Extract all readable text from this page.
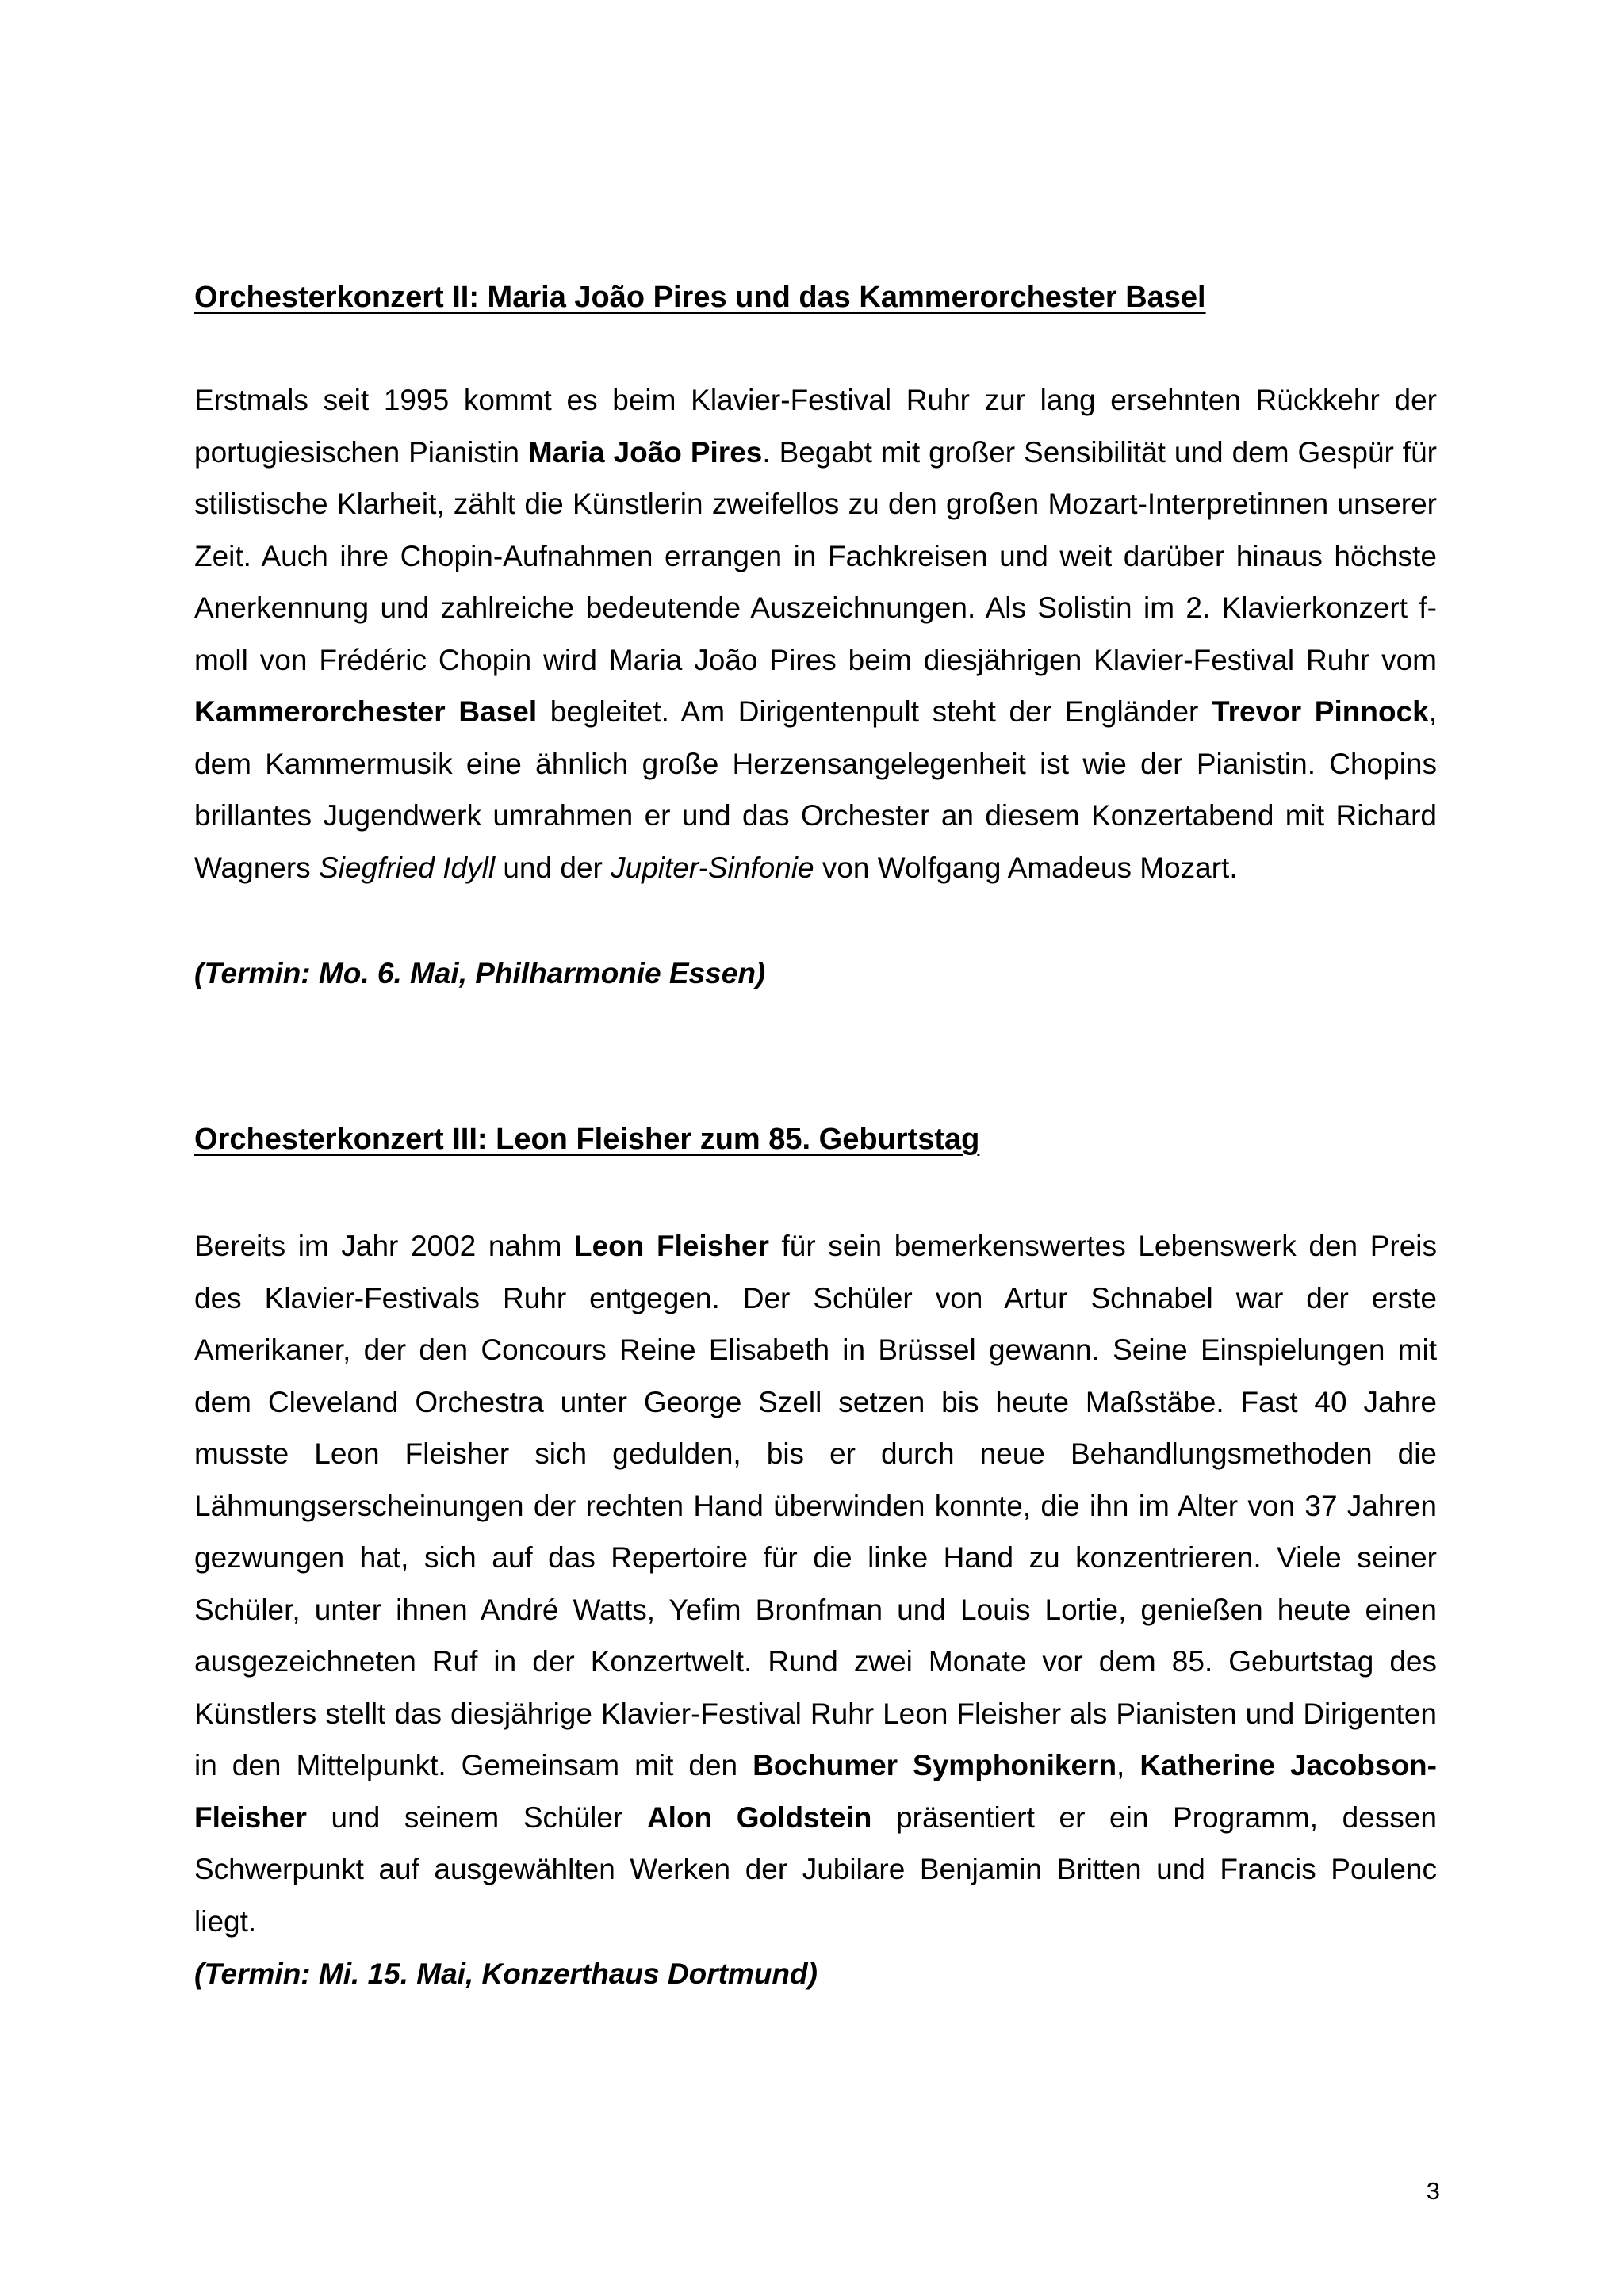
Orchesterkonzert II: Maria João Pires und das Kammerorchester Basel

Erstmals seit 1995 kommt es beim Klavier-Festival Ruhr zur lang ersehnten Rückkehr der portugiesischen Pianistin Maria João Pires. Begabt mit großer Sensibilität und dem Gespür für stilistische Klarheit, zählt die Künstlerin zweifellos zu den großen Mozart-Interpretinnen unserer Zeit. Auch ihre Chopin-Aufnahmen errangen in Fachkreisen und weit darüber hinaus höchste Anerkennung und zahlreiche bedeutende Auszeichnungen. Als Solistin im 2. Klavierkonzert f-moll von Frédéric Chopin wird Maria João Pires beim diesjährigen Klavier-Festival Ruhr vom Kammerorchester Basel begleitet. Am Dirigentenpult steht der Engländer Trevor Pinnock, dem Kammermusik eine ähnlich große Herzensangelegenheit ist wie der Pianistin. Chopins brillantes Jugendwerk umrahmen er und das Orchester an diesem Konzertabend mit Richard Wagners Siegfried Idyll und der Jupiter-Sinfonie von Wolfgang Amadeus Mozart.

(Termin: Mo. 6. Mai, Philharmonie Essen)

Orchesterkonzert III: Leon Fleisher zum 85. Geburtstag

Bereits im Jahr 2002 nahm Leon Fleisher für sein bemerkenswertes Lebenswerk den Preis des Klavier-Festivals Ruhr entgegen. Der Schüler von Artur Schnabel war der erste Amerikaner, der den Concours Reine Elisabeth in Brüssel gewann. Seine Einspielungen mit dem Cleveland Orchestra unter George Szell setzen bis heute Maßstäbe. Fast 40 Jahre musste Leon Fleisher sich gedulden, bis er durch neue Behandlungsmethoden die Lähmungserscheinungen der rechten Hand überwinden konnte, die ihn im Alter von 37 Jahren gezwungen hat, sich auf das Repertoire für die linke Hand zu konzentrieren. Viele seiner Schüler, unter ihnen André Watts, Yefim Bronfman und Louis Lortie, genießen heute einen ausgezeichneten Ruf in der Konzertwelt. Rund zwei Monate vor dem 85. Geburtstag des Künstlers stellt das diesjährige Klavier-Festival Ruhr Leon Fleisher als Pianisten und Dirigenten in den Mittelpunkt. Gemeinsam mit den Bochumer Symphonikern, Katherine Jacobson-Fleisher und seinem Schüler Alon Goldstein präsentiert er ein Programm, dessen Schwerpunkt auf ausgewählten Werken der Jubilare Benjamin Britten und Francis Poulenc liegt.

(Termin: Mi. 15. Mai, Konzerthaus Dortmund)

3
